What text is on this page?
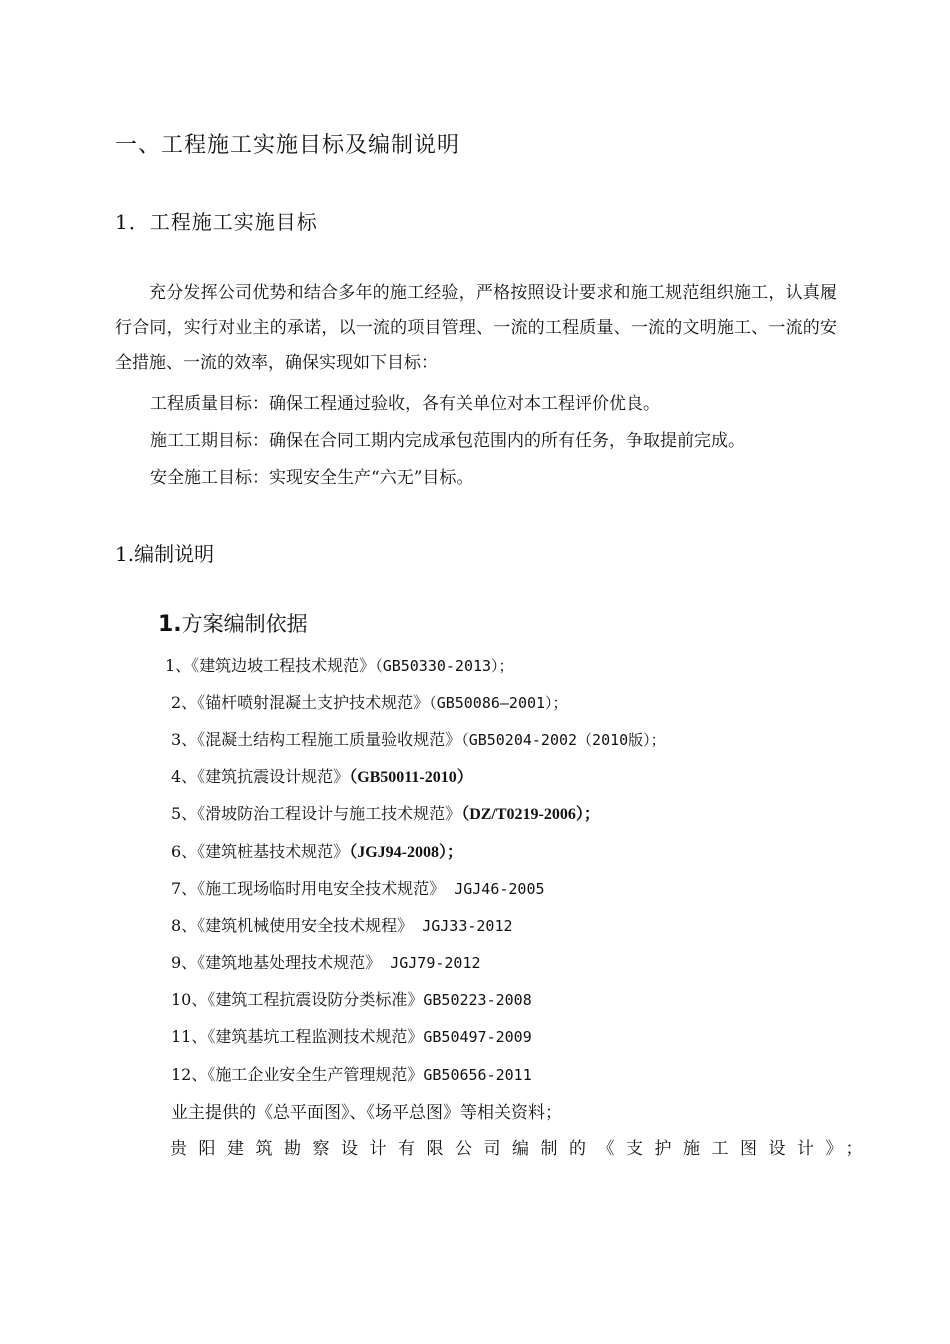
一、工程施工实施目标及编制说明
1．工程施工实施目标
充分发挥公司优势和结合多年的施工经验，严格按照设计要求和施工规范组织施工，认真履行合同，实行对业主的承诺，以一流的项目管理、一流的工程质量、一流的文明施工、一流的安全措施、一流的效率，确保实现如下目标：
工程质量目标：确保工程通过验收，各有关单位对本工程评价优良。
施工工期目标：确保在合同工期内完成承包范围内的所有任务，争取提前完成。
安全施工目标：实现安全生产“六无”目标。
1.编制说明
1.方案编制依据
1、《建筑边坡工程技术规范》（GB50330-2013）；
2、《锚杆喷射混凝土支护技术规范》（GB50086—2001）；
3、《混凝土结构工程施工质量验收规范》（GB50204-2002（2010版）；
4、《建筑抗震设计规范》（GB50011-2010）
5、《滑坡防治工程设计与施工技术规范》（DZ/T0219-2006）；
6、《建筑桩基技术规范》（JGJ94-2008）；
7、《施工现场临时用电安全技术规范》 JGJ46-2005
8、《建筑机械使用安全技术规程》 JGJ33-2012
9、《建筑地基处理技术规范》 JGJ79-2012
10、《建筑工程抗震设防分类标准》GB50223-2008
11、《建筑基坑工程监测技术规范》GB50497-2009
12、《施工企业安全生产管理规范》GB50656-2011
业主提供的《总平面图》、《场平总图》等相关资料；
贵阳建筑勘察设计有限公司编制的《支护施工图设计》；
